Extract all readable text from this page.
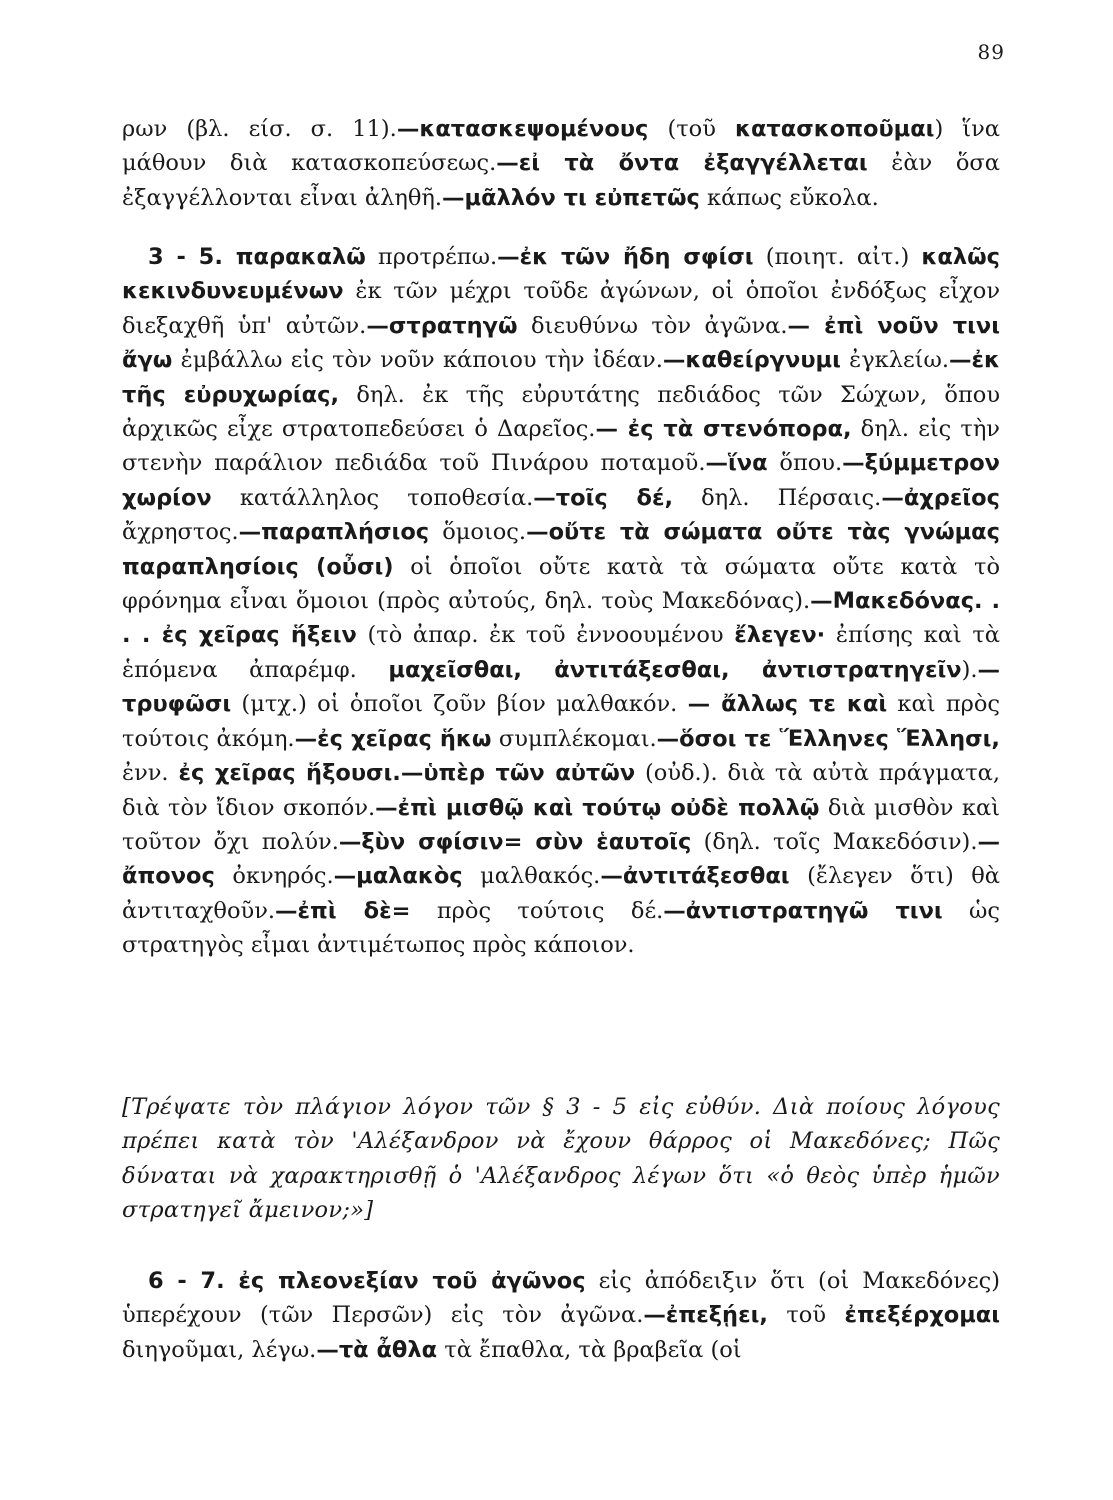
89

ρων (βλ. είσ. σ. 11).—κατασκεψομένους (τοῦ κατασκοποῦμαι) ἵνα μάθουν διὰ κατασκοπεύσεως.—εἰ τὰ ὄντα ἐξαγγέλλεται ἐὰν ὅσα ἐξαγγέλλονται εἶναι ἀληθῆ.—μᾶλλόν τι εὐπετῶς κάπως εὔκολα.

3 - 5. παρακαλῶ προτρέπω.—ἐκ τῶν ἤδη σφίσι (ποιητ. αἰτ.) καλῶς κεκινδυνευμένων ἐκ τῶν μέχρι τοῦδε ἀγώνων, οἱ ὁποῖοι ἐνδόξως εἶχον διεξαχθῆ ὑπ' αὐτῶν.—στρατηγῶ διευθύνω τὸν ἀγῶνα.— ἐπὶ νοῦν τινι ἄγω ἐμβάλλω εἰς τὸν νοῦν κάποιου τὴν ἰδέαν.—καθείργνυμι ἐγκλείω.—ἐκ τῆς εὐρυχωρίας, δηλ. ἐκ τῆς εὐρυτάτης πεδιάδος τῶν Σώχων, ὅπου ἀρχικῶς εἶχε στρατοπεδεύσει ὁ Δαρεῖος.— ἐς τὰ στενόπορα, δηλ. εἰς τὴν στενὴν παράλιον πεδιάδα τοῦ Πινάρου ποταμοῦ.—ἵνα ὅπου.—ξύμμετρον χωρίον κατάλληλος τοποθεσία.—τοῖς δέ, δηλ. Πέρσαις.—ἀχρεῖος ἄχρηστος.—παραπλήσιος ὅμοιος.—οὔτε τὰ σώματα οὔτε τὰς γνώμας παραπλησίοις (οὖσι) οἱ ὁποῖοι οὔτε κατὰ τὰ σώματα οὔτε κατὰ τὸ φρόνημα εἶναι ὅμοιοι (πρὸς αὐτούς, δηλ. τοὺς Μακεδόνας).—Μακεδόνας. . . . ἐς χεῖρας ἥξειν (τὸ ἀπαρ. ἐκ τοῦ ἐννοουμένου ἔλεγεν· ἐπίσης καὶ τὰ ἑπόμενα ἀπαρέμφ. μαχεῖσθαι, ἀντιτάξεσθαι, ἀντιστρατηγεῖν).—τρυφῶσι (μτχ.) οἱ ὁποῖοι ζοῦν βίον μαλθακόν. — ἄλλως τε καὶ καὶ πρὸς τούτοις ἀκόμη.—ἐς χεῖρας ἥκω συμπλέκομαι.—ὅσοι τε Ἕλληνες Ἕλλησι, ἐνν. ἐς χεῖρας ἥξουσι.—ὑπὲρ τῶν αὐτῶν (οὐδ.). διὰ τὰ αὐτὰ πράγματα, διὰ τὸν ἴδιον σκοπόν.—ἐπὶ μισθῷ καὶ τούτῳ οὐδὲ πολλῷ διὰ μισθὸν καὶ τοῦτον ὄχι πολύν.—ξὺν σφίσιν= σὺν ἑαυτοῖς (δηλ. τοῖς Μακεδόσιν).—ἄπονος ὀκνηρός.—μαλακὸς μαλθακός.—ἀντιτάξεσθαι (ἔλεγεν ὅτι) θὰ ἀντιταχθοῦν.—ἐπὶ δὲ= πρὸς τούτοις δέ.—ἀντιστρατηγῶ τινι ὡς στρατηγὸς εἶμαι ἀντιμέτωπος πρὸς κάποιον.

[Τρέψατε τὸν πλάγιον λόγον τῶν § 3 - 5 εἰς εὐθύν. Διὰ ποίους λόγους πρέπει κατὰ τὸν 'Αλέξανδρον νὰ ἔχουν θάρρος οἱ Μακεδόνες; Πῶς δύναται νὰ χαρακτηρισθῇ ὁ 'Αλέξανδρος λέγων ὅτι «ὁ θεὸς ὑπὲρ ἡμῶν στρατηγεῖ ἄμεινον;»]

6 - 7. ἐς πλεονεξίαν τοῦ ἀγῶνος εἰς ἀπόδειξιν ὅτι (οἱ Μακεδόνες) ὑπερέχουν (τῶν Περσῶν) εἰς τὸν ἀγῶνα.—ἐπεξῄει, τοῦ ἐπεξέρχομαι διηγοῦμαι, λέγω.—τὰ ἆθλα τὰ ἔπαθλα, τὰ βραβεῖα (οἱ
